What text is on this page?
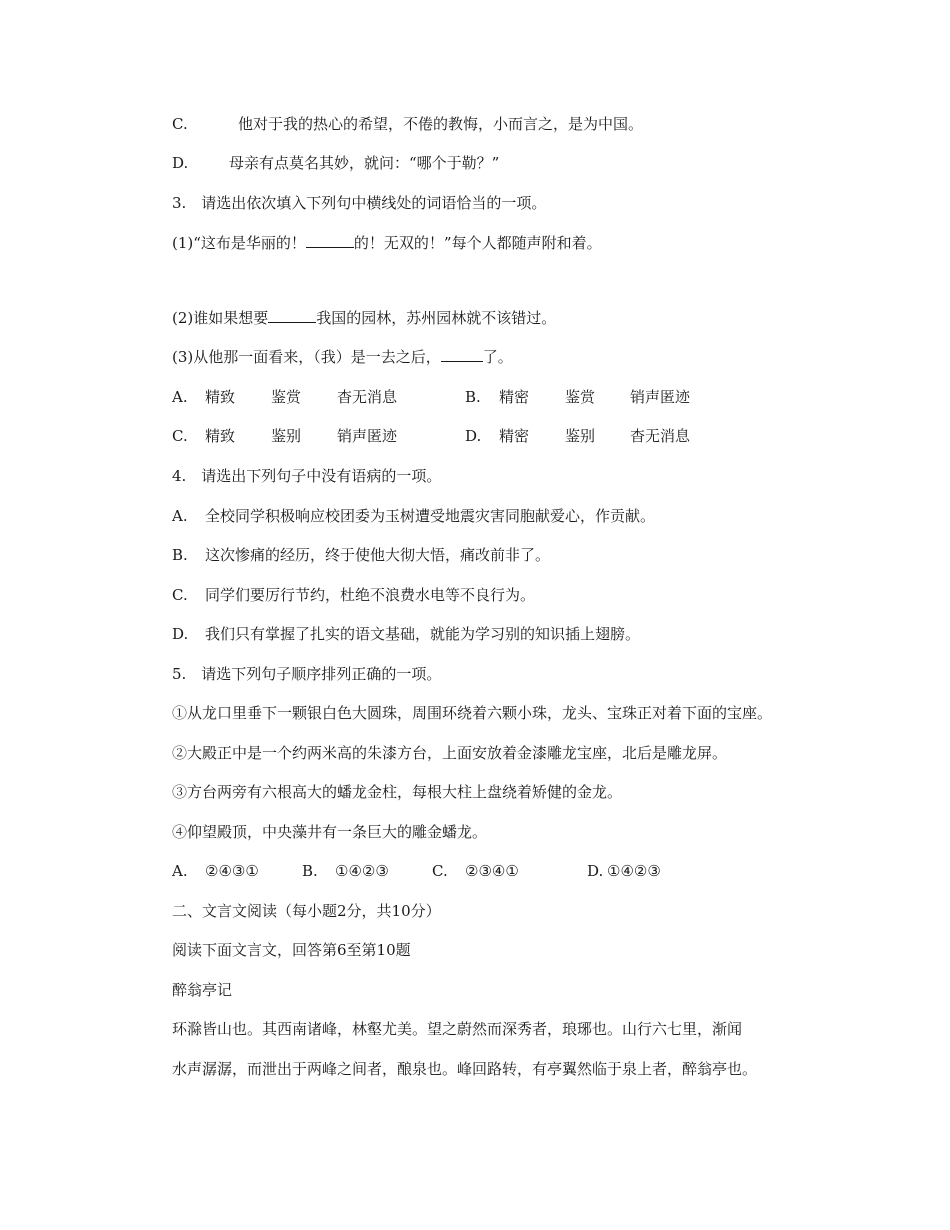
C.	他对于我的热心的希望，不倦的教悔，小而言之，是为中国。
D.	母亲有点莫名其妙，就问：“哪个于勒？”
3.　请选出依次填入下列句中横线处的词语恰当的一项。
(1)“这布是华丽的！	的！无双的！”每个人都随声附和着。
(2)谁如果想要	我国的园林，苏州园林就不该错过。
(3)从他那一面看来，（我）是一去之后，	了。
A. 精致 鉴赏 杳无消息	B. 精密 鉴赏 销声匿迹
C. 精致 鉴别 销声匿迹	D. 精密 鉴别 杳无消息
4.　请选出下列句子中没有语病的一项。
A. 全校同学积极响应校团委为玉树遭受地震灾害同胞献爱心，作贡献。
B. 这次惨痛的经历，终于使他大彻大悟，痛改前非了。
C. 同学们要厉行节约，杜绝不浪费水电等不良行为。
D. 我们只有掌握了扎实的语文基础，就能为学习别的知识插上翅膀。
5.　请选下列句子顺序排列正确的一项。
①从龙口里垂下一颗银白色大圆珠，周围环绕着六颗小珠，龙头、宝珠正对着下面的宝座。
②大殿正中是一个约两米高的朱漆方台，上面安放着金漆雕龙宝座，北后是雕龙屏。
③方台两旁有六根高大的蟠龙金柱，每根大柱上盘绕着矫健的金龙。
④仰望殿顶，中央藻井有一条巨大的雕金蟠龙。
A. ②④③①	B. ①④②③	C. ②③④①	D. ①④②③
二、文言文阅读（每小题2分，共10分）
阅读下面文言文，回答第6至第10题
醉翁亭记
环滁皆山也。其西南诸峰，林壑尤美。望之蔚然而深秀者，琅琊也。山行六七里，渐闻
水声潺潺，而泄出于两峰之间者，酿泉也。峰回路转，有亭翼然临于泉上者，醉翁亭也。
